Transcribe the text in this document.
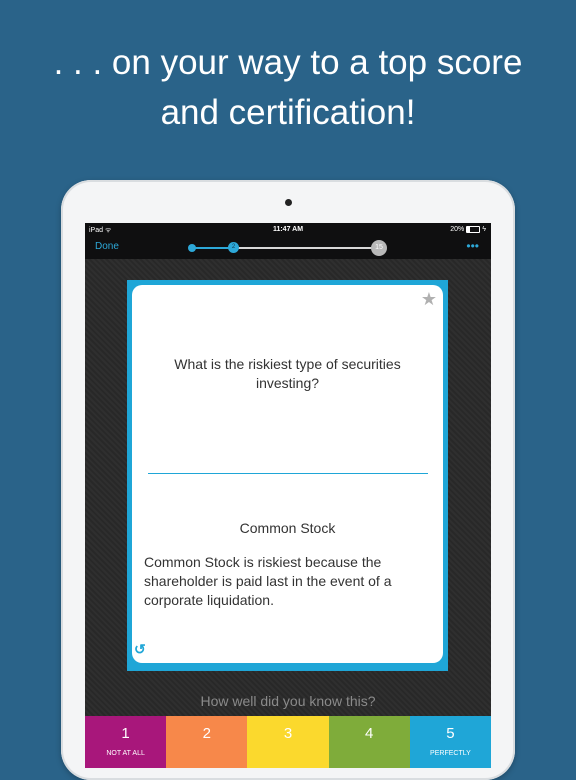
. . . on your way to a top score
and certification!
iPad ᯤ	11:47 AM	20%	ϟ
Done	2	15	•••
★
What is the riskiest type of securities investing?
Common Stock
Common Stock is riskiest because the shareholder is paid last in the event of a corporate liquidation.
↺
How well did you know this?
1
NOT AT ALL
2	3	4	5
PERFECTLY
